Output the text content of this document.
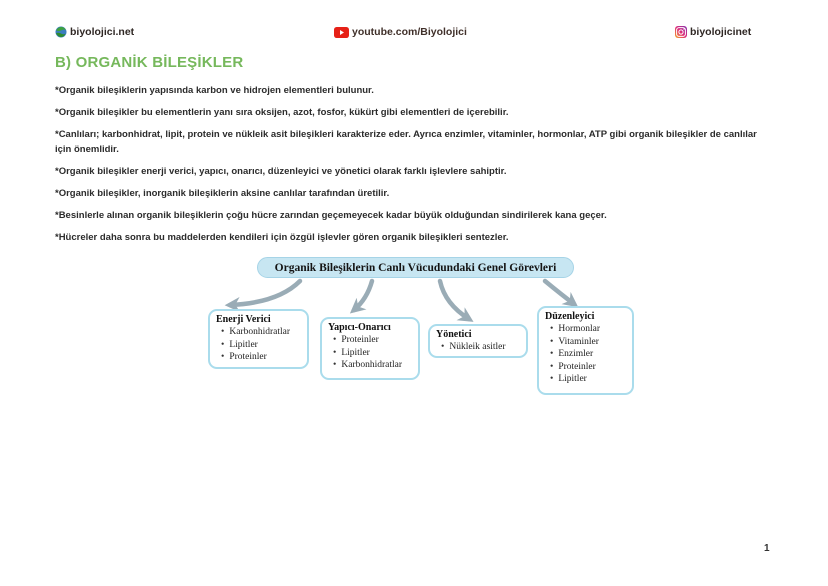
biyolojici.net	youtube.com/Biyolojici	biyolojicinet
B) ORGANİK BİLEŞİKLER

*Organik bileşiklerin yapısında karbon ve hidrojen elementleri bulunur.

*Organik bileşikler bu elementlerin yanı sıra oksijen, azot, fosfor, kükürt gibi elementleri de içerebilir.

*Canlıları; karbonhidrat, lipit, protein ve nükleik asit bileşikleri karakterize eder. Ayrıca enzimler, vitaminler, hormonlar, ATP gibi organik bileşikler de canlılar için önemlidir.

*Organik bileşikler enerji verici, yapıcı, onarıcı, düzenleyici ve yönetici olarak farklı işlevlere sahiptir.

*Organik bileşikler, inorganik bileşiklerin aksine canlılar tarafından üretilir.

*Besinlerle alınan organik bileşiklerin çoğu hücre zarından geçemeyecek kadar büyük olduğundan sindirilerek kana geçer.

*Hücreler daha sonra bu maddelerden kendileri için özgül işlevler gören organik bileşikleri sentezler.

Organik Bileşiklerin Canlı Vücudundaki Genel Görevleri
Enerji Verici
• Karbonhidratlar
• Lipitler
• Proteinler
Yapıcı-Onarıcı
• Proteinler
• Lipitler
• Karbonhidratlar
Yönetici
• Nükleik asitler
Düzenleyici
• Hormonlar
• Vitaminler
• Enzimler
• Proteinler
• Lipitler
1
